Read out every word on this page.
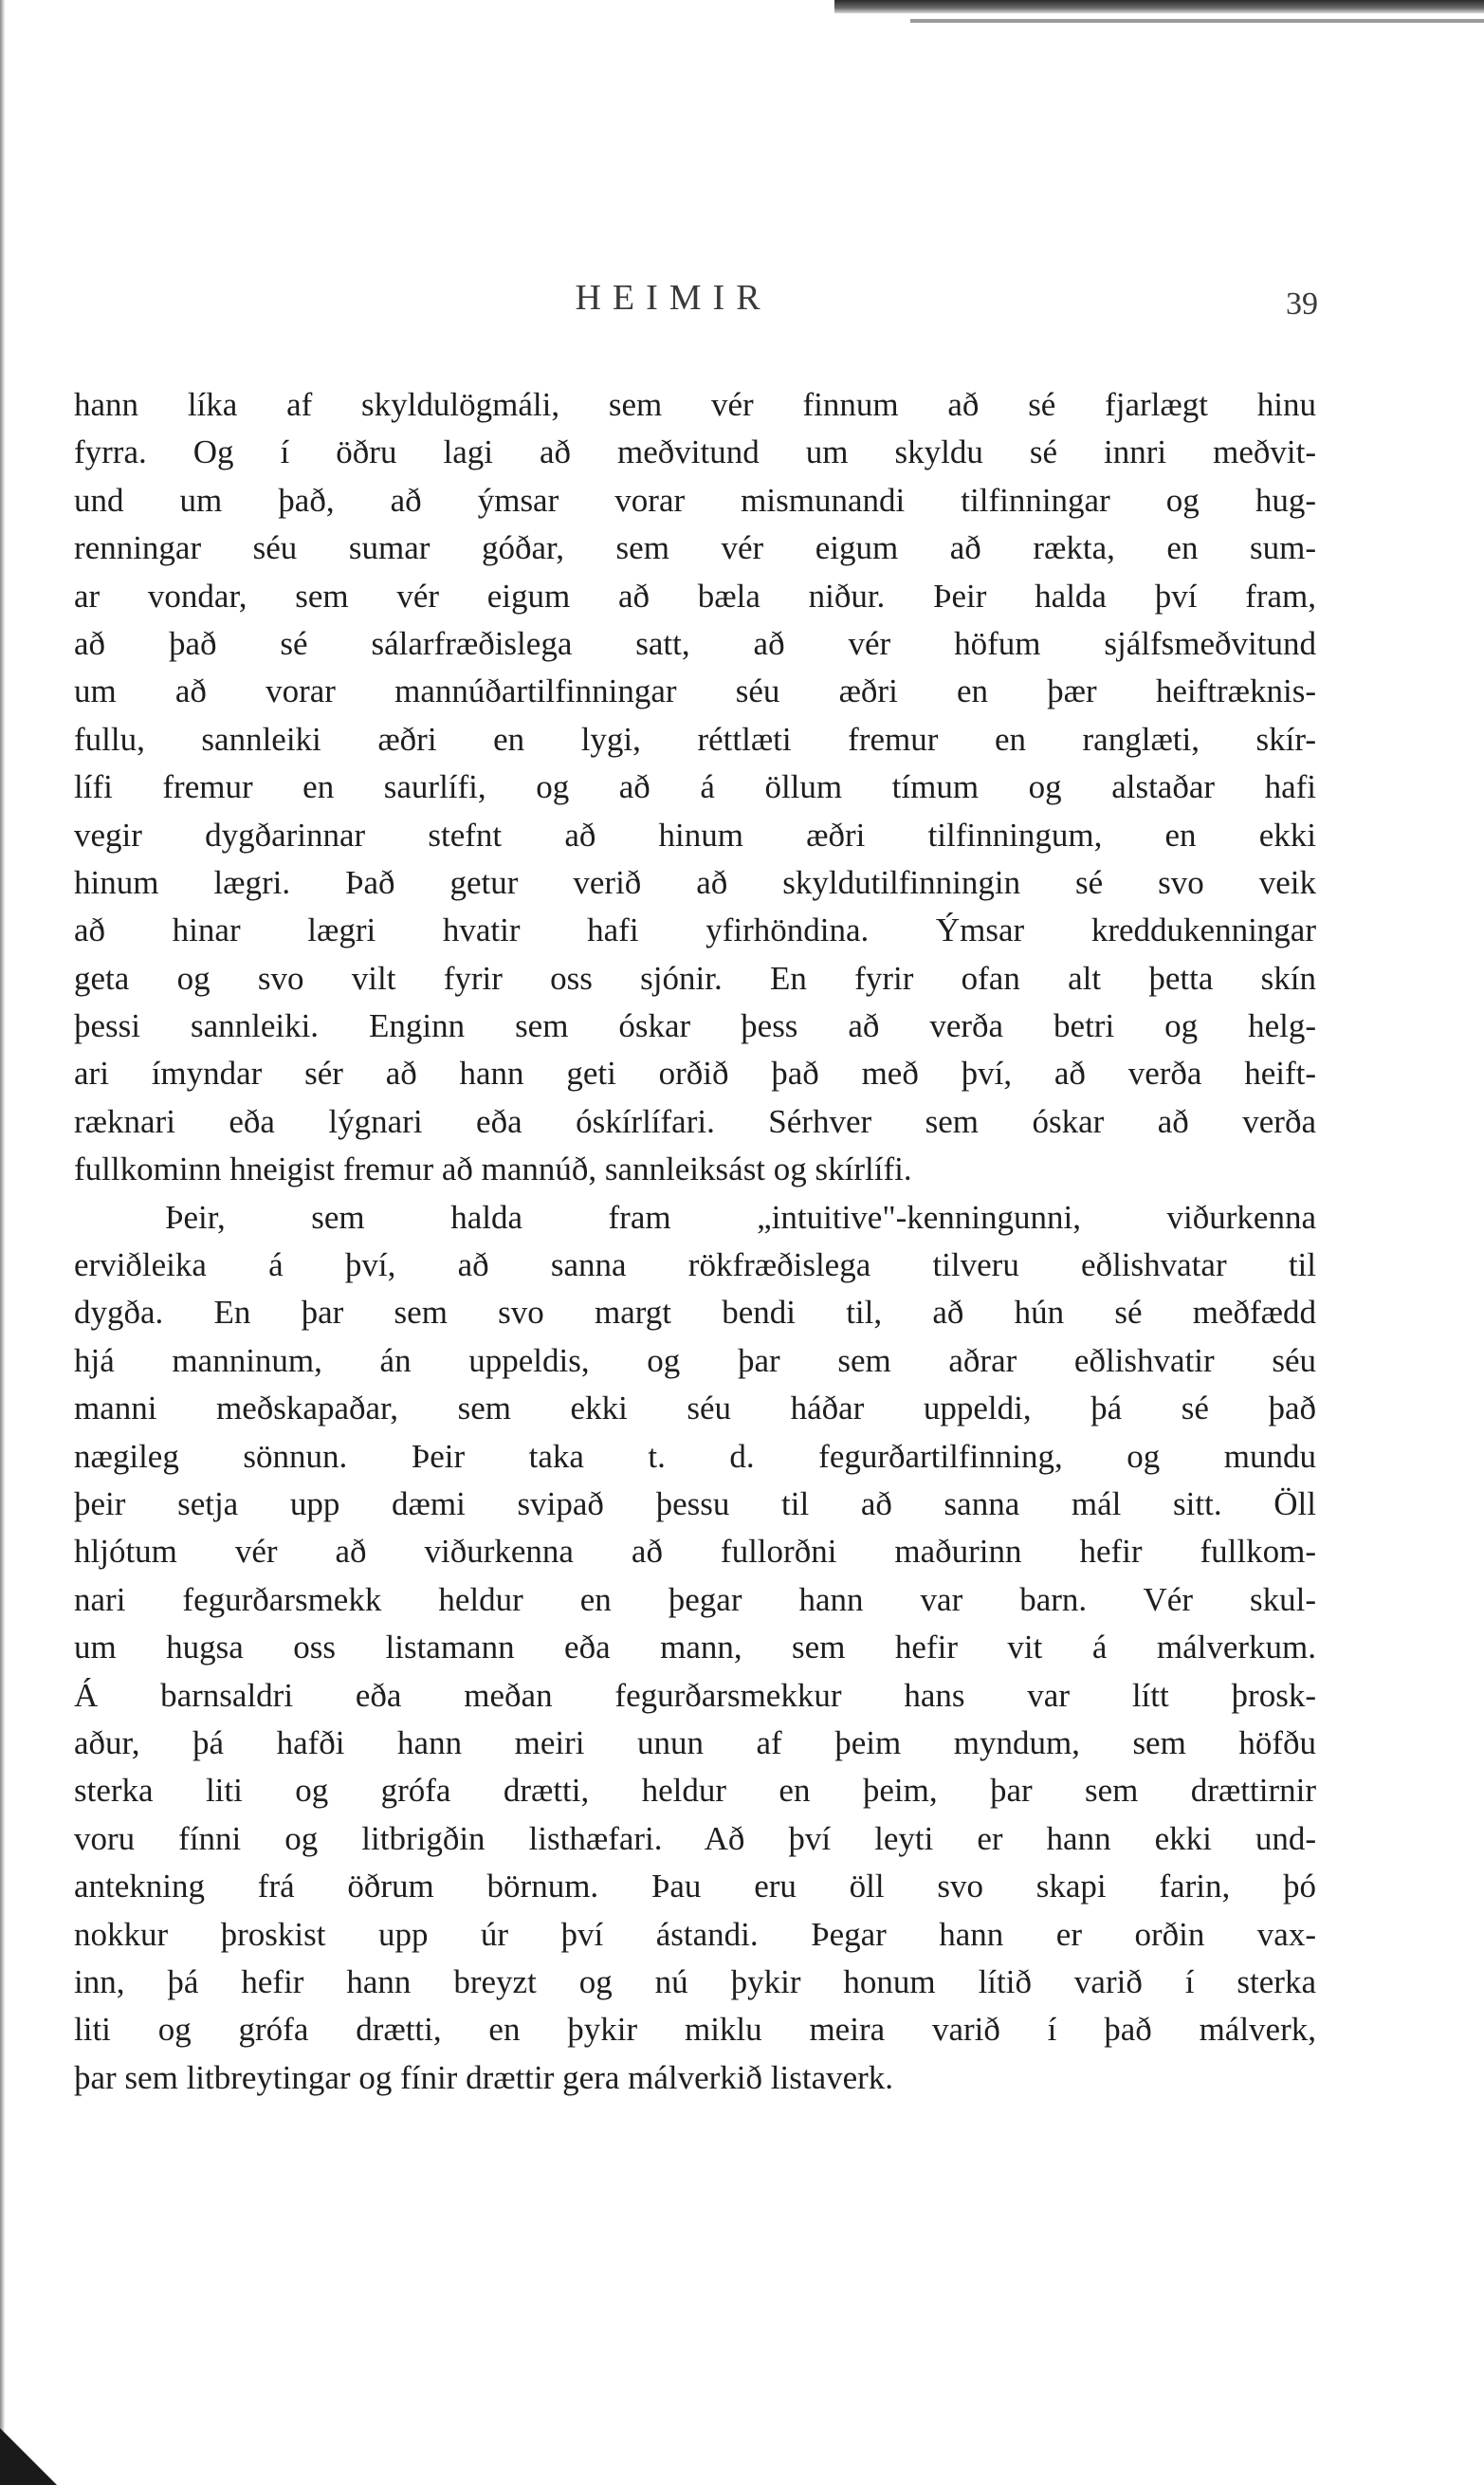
HEIMIR	39
hann líka af skyldulögmáli, sem vér finnum að sé fjarlægt hinu
fyrra. Og í öðru lagi að meðvitund um skyldu sé innri meðvit-
und um það, að ýmsar vorar mismunandi tilfinningar og hug-
renningar séu sumar góðar, sem vér eigum að rækta, en sum-
ar vondar, sem vér eigum að bæla niður. Þeir halda því fram,
að það sé sálarfræðislega satt, að vér höfum sjálfsmeðvitund
um að vorar mannúðartilfinningar séu æðri en þær heiftræknis-
fullu, sannleiki æðri en lygi, réttlæti fremur en ranglæti, skír-
lífi fremur en saurlífi, og að á öllum tímum og alstaðar hafi
vegir dygðarinnar stefnt að hinum æðri tilfinningum, en ekki
hinum lægri. Það getur verið að skyldutilfinningin sé svo veik
að hinar lægri hvatir hafi yfirhöndina. Ýmsar kreddukenningar
geta og svo vilt fyrir oss sjónir. En fyrir ofan alt þetta skín
þessi sannleiki. Enginn sem óskar þess að verða betri og helg-
ari ímyndar sér að hann geti orðið það með því, að verða heift-
ræknari eða lýgnari eða óskírlífari. Sérhver sem óskar að verða
fullkominn hneigist fremur að mannúð, sannleiksást og skírlífi.
Þeir, sem halda fram „intuitive"-kenningunni, viðurkenna
erviðleika á því, að sanna rökfræðislega tilveru eðlishvatar til
dygða. En þar sem svo margt bendi til, að hún sé meðfædd
hjá manninum, án uppeldis, og þar sem aðrar eðlishvatir séu
manni meðskapaðar, sem ekki séu háðar uppeldi, þá sé það
nægileg sönnun. Þeir taka t. d. fegurðartilfinning, og mundu
þeir setja upp dæmi svipað þessu til að sanna mál sitt. Öll
hljótum vér að viðurkenna að fullorðni maðurinn hefir fullkom-
nari fegurðarsmekk heldur en þegar hann var barn. Vér skul-
um hugsa oss listamann eða mann, sem hefir vit á málverkum.
Á barnsaldri eða meðan fegurðarsmekkur hans var lítt þrosk-
aður, þá hafði hann meiri unun af þeim myndum, sem höfðu
sterka liti og grófa drætti, heldur en þeim, þar sem drættirnir
voru fínni og litbrigðin listhæfari. Að því leyti er hann ekki und-
antekning frá öðrum börnum. Þau eru öll svo skapi farin, þó
nokkur þroskist upp úr því ástandi. Þegar hann er orðin vax-
inn, þá hefir hann breyzt og nú þykir honum lítið varið í sterka
liti og grófa drætti, en þykir miklu meira varið í það málverk,
þar sem litbreytingar og fínir drættir gera málverkið listaverk.
